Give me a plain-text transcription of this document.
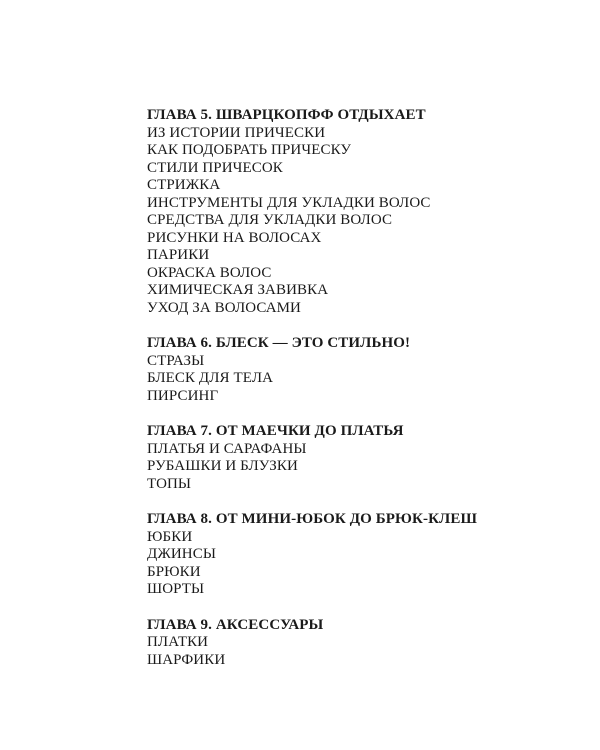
ГЛАВА 5. ШВАРЦКОПФФ ОТДЫХАЕТ
ИЗ ИСТОРИИ ПРИЧЕСКИ
КАК ПОДОБРАТЬ ПРИЧЕСКУ
СТИЛИ ПРИЧЕСОК
СТРИЖКА
ИНСТРУМЕНТЫ ДЛЯ УКЛАДКИ ВОЛОС
СРЕДСТВА ДЛЯ УКЛАДКИ ВОЛОС
РИСУНКИ НА ВОЛОСАХ
ПАРИКИ
ОКРАСКА ВОЛОС
ХИМИЧЕСКАЯ ЗАВИВКА
УХОД ЗА ВОЛОСАМИ
ГЛАВА 6. БЛЕСК — ЭТО СТИЛЬНО!
СТРАЗЫ
БЛЕСК ДЛЯ ТЕЛА
ПИРСИНГ
ГЛАВА 7. ОТ МАЕЧКИ ДО ПЛАТЬЯ
ПЛАТЬЯ И САРАФАНЫ
РУБАШКИ И БЛУЗКИ
ТОПЫ
ГЛАВА 8. ОТ МИНИ-ЮБОК ДО БРЮК-КЛЕШ
ЮБКИ
ДЖИНСЫ
БРЮКИ
ШОРТЫ
ГЛАВА 9. АКСЕССУАРЫ
ПЛАТКИ
ШАРФИКИ
